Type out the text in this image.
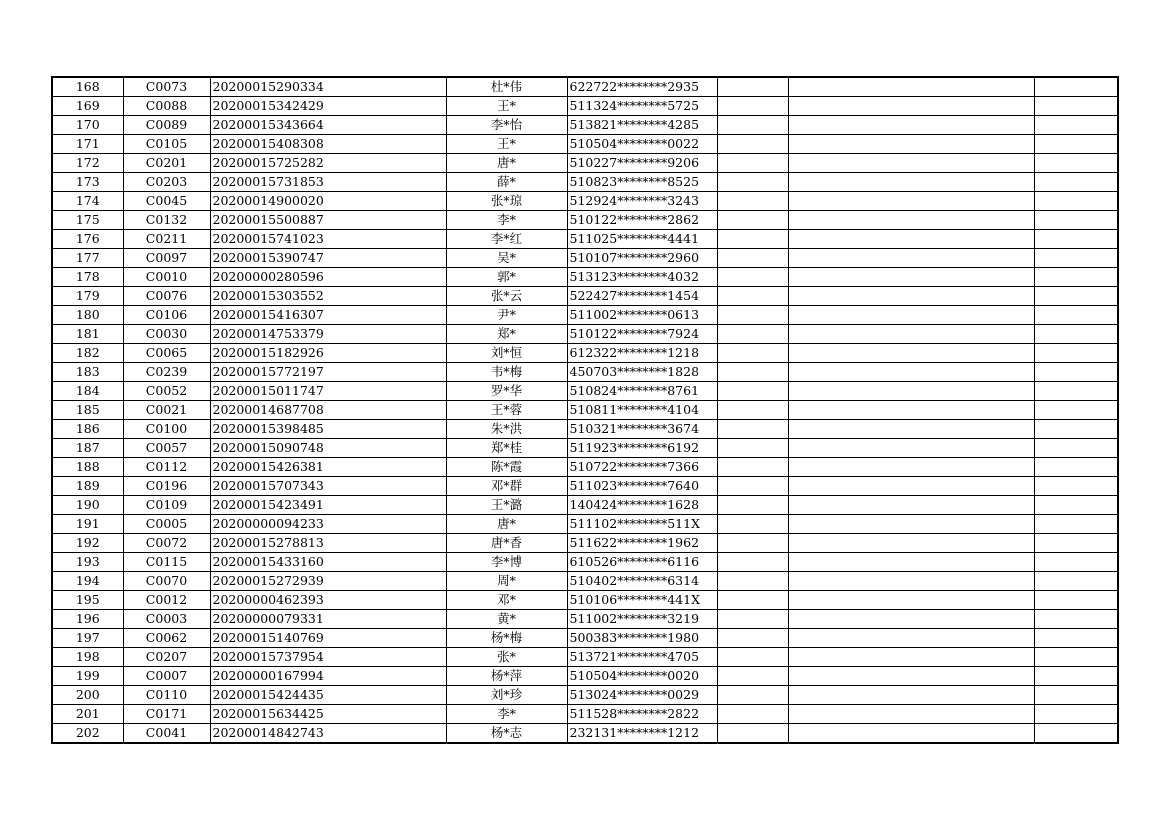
168	C0073	20200015290334	杜*伟	622722********2935			
169	C0088	20200015342429	王*	511324********5725			
170	C0089	20200015343664	李*怡	513821********4285			
171	C0105	20200015408308	王*	510504********0022			
172	C0201	20200015725282	唐*	510227********9206			
173	C0203	20200015731853	薛*	510823********8525			
174	C0045	20200014900020	张*琼	512924********3243			
175	C0132	20200015500887	李*	510122********2862			
176	C0211	20200015741023	李*红	511025********4441			
177	C0097	20200015390747	吴*	510107********2960			
178	C0010	20200000280596	郭*	513123********4032			
179	C0076	20200015303552	张*云	522427********1454			
180	C0106	20200015416307	尹*	511002********0613			
181	C0030	20200014753379	郑*	510122********7924			
182	C0065	20200015182926	刘*恒	612322********1218			
183	C0239	20200015772197	韦*梅	450703********1828			
184	C0052	20200015011747	罗*华	510824********8761			
185	C0021	20200014687708	王*蓉	510811********4104			
186	C0100	20200015398485	朱*洪	510321********3674			
187	C0057	20200015090748	郑*桂	511923********6192			
188	C0112	20200015426381	陈*霞	510722********7366			
189	C0196	20200015707343	邓*群	511023********7640			
190	C0109	20200015423491	王*潞	140424********1628			
191	C0005	20200000094233	唐*	511102********511X			
192	C0072	20200015278813	唐*香	511622********1962			
193	C0115	20200015433160	李*博	610526********6116			
194	C0070	20200015272939	周*	510402********6314			
195	C0012	20200000462393	邓*	510106********441X			
196	C0003	20200000079331	黄*	511002********3219			
197	C0062	20200015140769	杨*梅	500383********1980			
198	C0207	20200015737954	张*	513721********4705			
199	C0007	20200000167994	杨*萍	510504********0020			
200	C0110	20200015424435	刘*珍	513024********0029			
201	C0171	20200015634425	李*	511528********2822			
202	C0041	20200014842743	杨*志	232131********1212			
